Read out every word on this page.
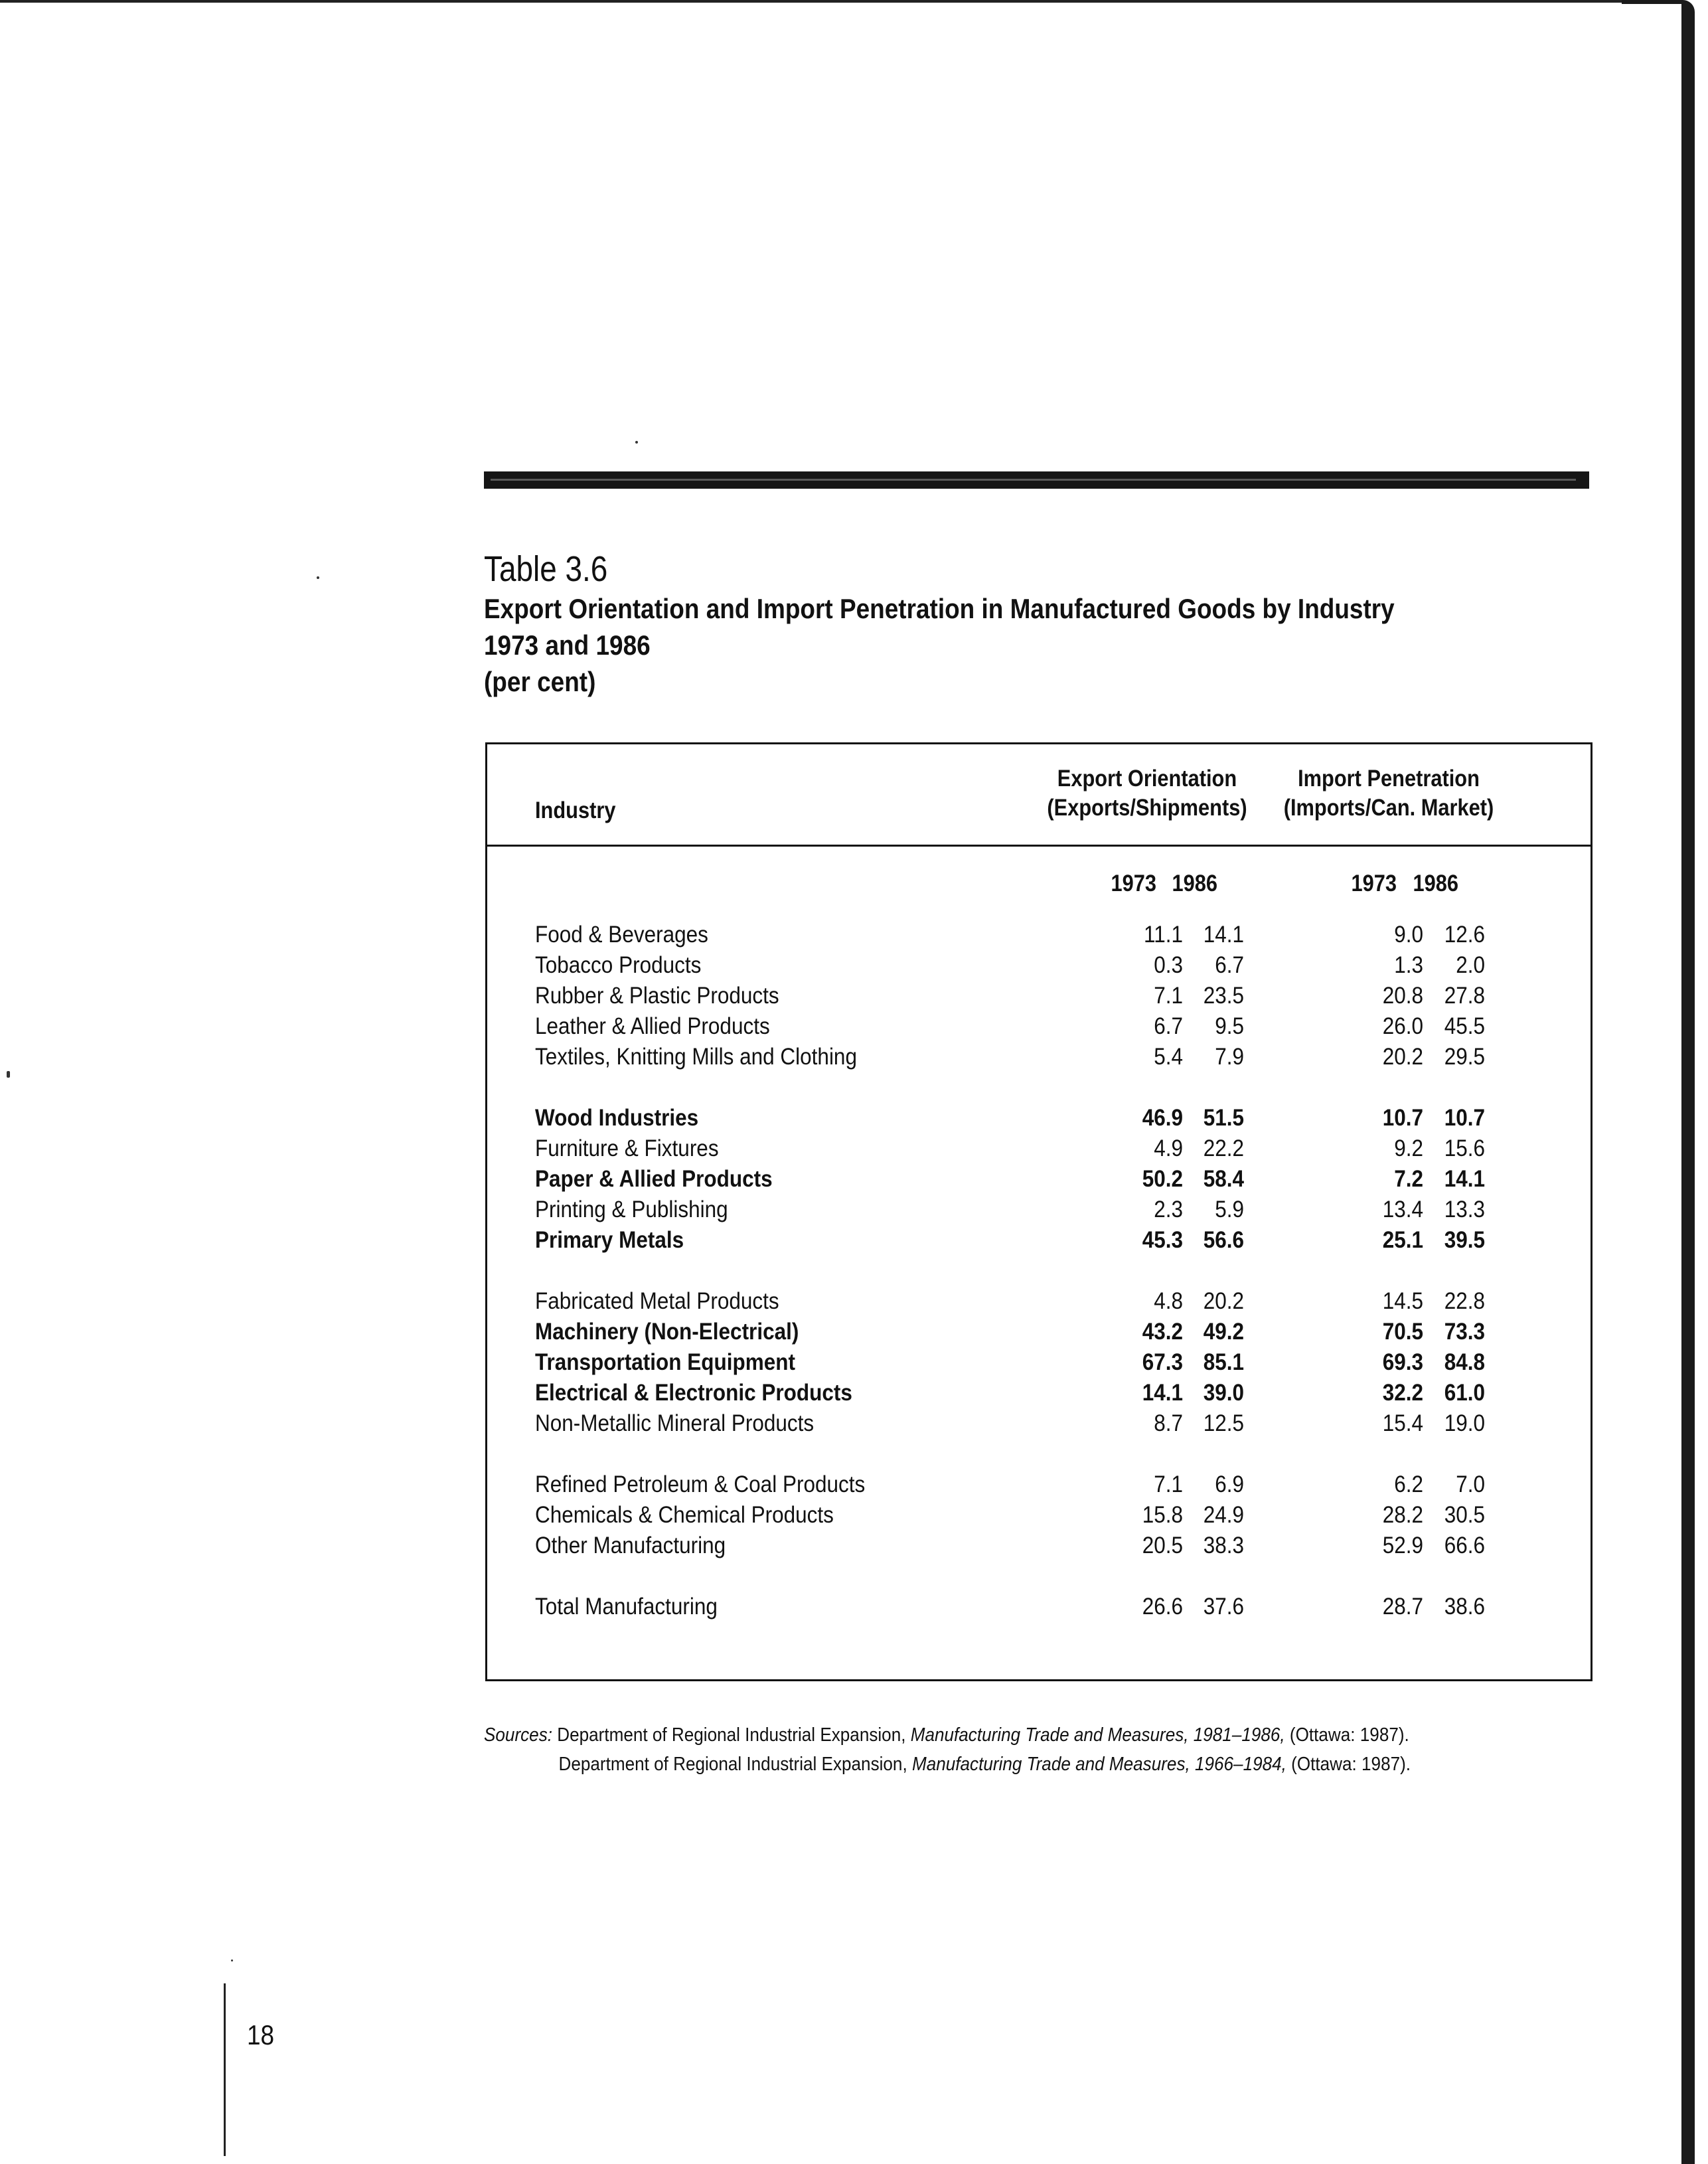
Table 3.6
Export Orientation and Import Penetration in Manufactured Goods by Industry
1973 and 1986
(per cent)
Industry
Export Orientation
(Exports/Shipments)
Import Penetration
(Imports/Can. Market)
1973 1986	1973 1986
Food & Beverages	11.1 14.1	9.0 12.6
Tobacco Products	0.3	6.7	1.3	2.0
Rubber & Plastic Products	7.1 23.5	20.8 27.8
Leather & Allied Products	6.7	9.5	26.0 45.5
Textiles, Knitting Mills and Clothing	5.4	7.9	20.2 29.5
Wood Industries	46.9 51.5	10.7 10.7
Furniture & Fixtures	4.9 22.2	9.2 15.6
Paper & Allied Products	50.2 58.4	7.2 14.1
Printing & Publishing	2.3	5.9	13.4 13.3
Primary Metals	45.3 56.6	25.1 39.5
Fabricated Metal Products	4.8 20.2	14.5 22.8
Machinery (Non-Electrical)	43.2 49.2	70.5 73.3
Transportation Equipment	67.3 85.1	69.3 84.8
Electrical & Electronic Products	14.1 39.0	32.2 61.0
Non-Metallic Mineral Products	8.7 12.5	15.4 19.0
Refined Petroleum & Coal Products	7.1	6.9	6.2	7.0
Chemicals & Chemical Products	15.8 24.9	28.2 30.5
Other Manufacturing	20.5 38.3	52.9 66.6
Total Manufacturing	26.6 37.6	28.7 38.6
Sources: Department of Regional Industrial Expansion, Manufacturing Trade and Measures, 1981–1986, (Ottawa: 1987).
Department of Regional Industrial Expansion, Manufacturing Trade and Measures, 1966–1984, (Ottawa: 1987).
18
